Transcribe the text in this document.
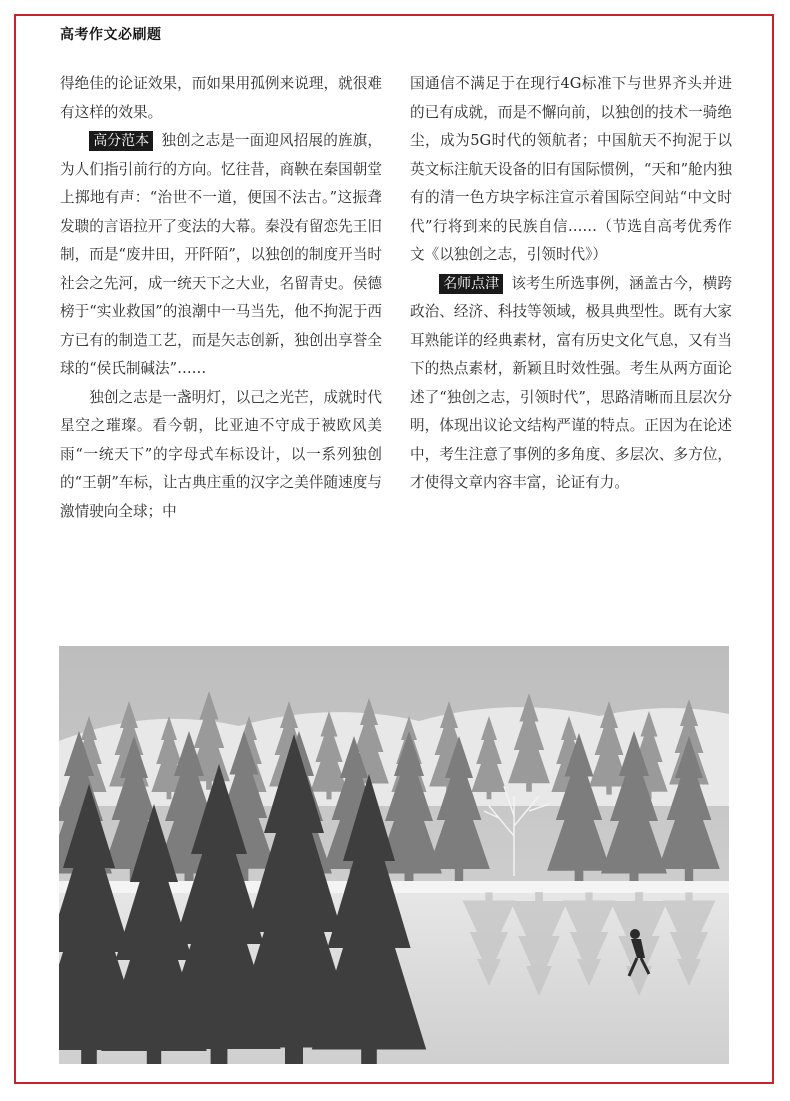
高考作文必刷题

得绝佳的论证效果，而如果用孤例来说理，就很难有这样的效果。

高分范本 独创之志是一面迎风招展的旌旗，为人们指引前行的方向。忆往昔，商鞅在秦国朝堂上掷地有声：“治世不一道，便国不法古。”这振聋发聩的言语拉开了变法的大幕。秦没有留恋先王旧制，而是“废井田，开阡陌”，以独创的制度开当时社会之先河，成一统天下之大业，名留青史。侯德榜于“实业救国”的浪潮中一马当先，他不拘泥于西方已有的制造工艺，而是矢志创新，独创出享誉全球的“侯氏制碱法”……

独创之志是一盏明灯，以己之光芒，成就时代星空之璀璨。看今朝，比亚迪不守成于被欧风美雨“一统天下”的字母式车标设计，以一系列独创的“王朝”车标，让古典庄重的汉字之美伴随速度与激情驶向全球；中

国通信不满足于在现行4G标准下与世界齐头并进的已有成就，而是不懈向前，以独创的技术一骑绝尘，成为5G时代的领航者；中国航天不拘泥于以英文标注航天设备的旧有国际惯例，“天和”舱内独有的清一色方块字标注宣示着国际空间站“中文时代”行将到来的民族自信……（节选自高考优秀作文《以独创之志，引领时代》）

名师点津 该考生所选事例，涵盖古今，横跨政治、经济、科技等领域，极具典型性。既有大家耳熟能详的经典素材，富有历史文化气息，又有当下的热点素材，新颖且时效性强。考生从两方面论述了“独创之志，引领时代”，思路清晰而且层次分明，体现出议论文结构严谨的特点。正因为在论述中，考生注意了事例的多角度、多层次、多方位，才使得文章内容丰富，论证有力。
